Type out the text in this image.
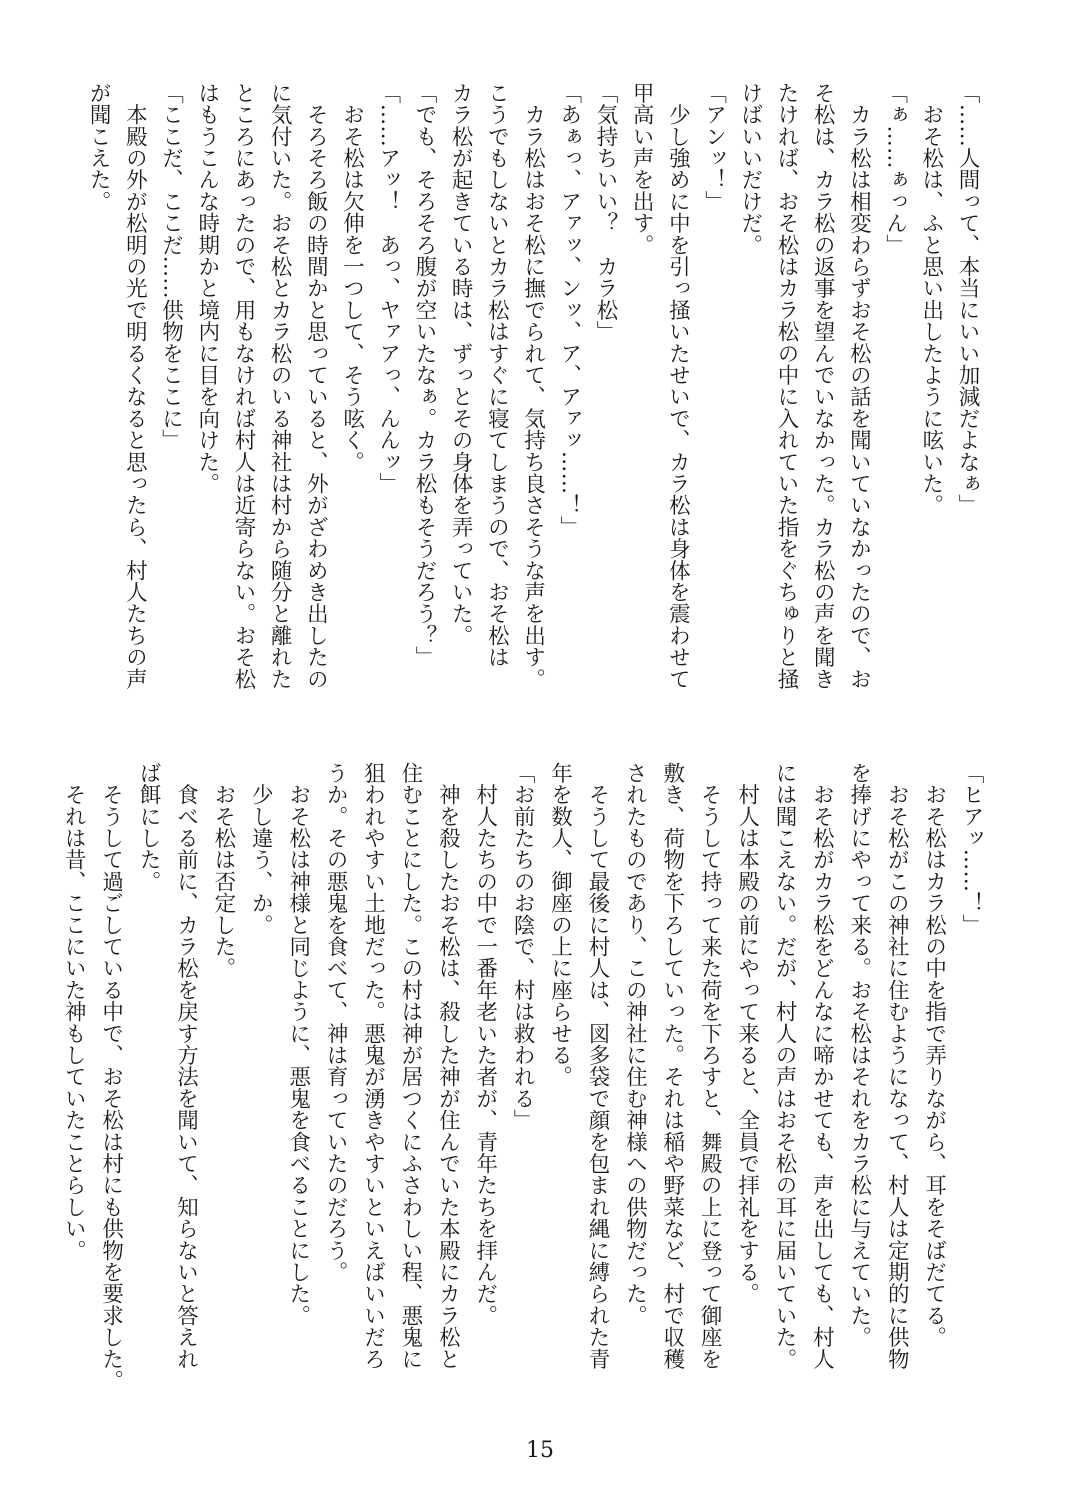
「……人間って、本当にいい加減だよなぁ」
　おそ松は、ふと思い出したように呟いた。
「ぁ……ぁっん」
　カラ松は相変わらずおそ松の話を聞いていなかったので、お
そ松は、カラ松の返事を望んでいなかった。カラ松の声を聞き
たければ、おそ松はカラ松の中に入れていた指をぐちゅりと掻
けばいいだけだ。
「アンッ！」
　少し強めに中を引っ掻いたせいで、カラ松は身体を震わせて
甲高い声を出す。
「気持ちいい？　カラ松」
「あぁっ、アァッ、ンッ、ア、アァッ……！」
　カラ松はおそ松に撫でられて、気持ち良さそうな声を出す。
こうでもしないとカラ松はすぐに寝てしまうので、おそ松は
カラ松が起きている時は、ずっとその身体を弄っていた。
「でも、そろそろ腹が空いたなぁ。カラ松もそうだろう？」
「……アッ！　あっ、ヤァアっ、んんッ」
　おそ松は欠伸を一つして、そう呟く。
　そろそろ飯の時間かと思っていると、外がざわめき出したの
に気付いた。おそ松とカラ松のいる神社は村から随分と離れた
ところにあったので、用もなければ村人は近寄らない。おそ松
はもうこんな時期かと境内に目を向けた。
「ここだ、ここだ……供物をここに」
　本殿の外が松明の光で明るくなると思ったら、村人たちの声
が聞こえた。
「ヒアッ……！」
　おそ松はカラ松の中を指で弄りながら、耳をそばだてる。
　おそ松がこの神社に住むようになって、村人は定期的に供物
を捧げにやって来る。おそ松はそれをカラ松に与えていた。
　おそ松がカラ松をどんなに啼かせても、声を出しても、村人
には聞こえない。だが、村人の声はおそ松の耳に届いていた。
　村人は本殿の前にやって来ると、全員で拝礼をする。
　そうして持って来た荷を下ろすと、舞殿の上に登って御座を
敷き、荷物を下ろしていった。それは稲や野菜など、村で収穫
されたものであり、この神社に住む神様への供物だった。
　そうして最後に村人は、図多袋で顔を包まれ縄に縛られた青
年を数人、御座の上に座らせる。
「お前たちのお陰で、村は救われる」
　村人たちの中で一番年老いた者が、青年たちを拝んだ。
　神を殺したおそ松は、殺した神が住んでいた本殿にカラ松と
住むことにした。この村は神が居つくにふさわしい程、悪鬼に
狙われやすい土地だった。悪鬼が湧きやすいといえばいいだろ
うか。その悪鬼を食べて、神は育っていたのだろう。
　おそ松は神様と同じように、悪鬼を食べることにした。
　少し違う、か。
　おそ松は否定した。
　食べる前に、カラ松を戻す方法を聞いて、知らないと答えれ
ば餌にした。
　そうして過ごしている中で、おそ松は村にも供物を要求した。
　それは昔、ここにいた神もしていたことらしい。
15
